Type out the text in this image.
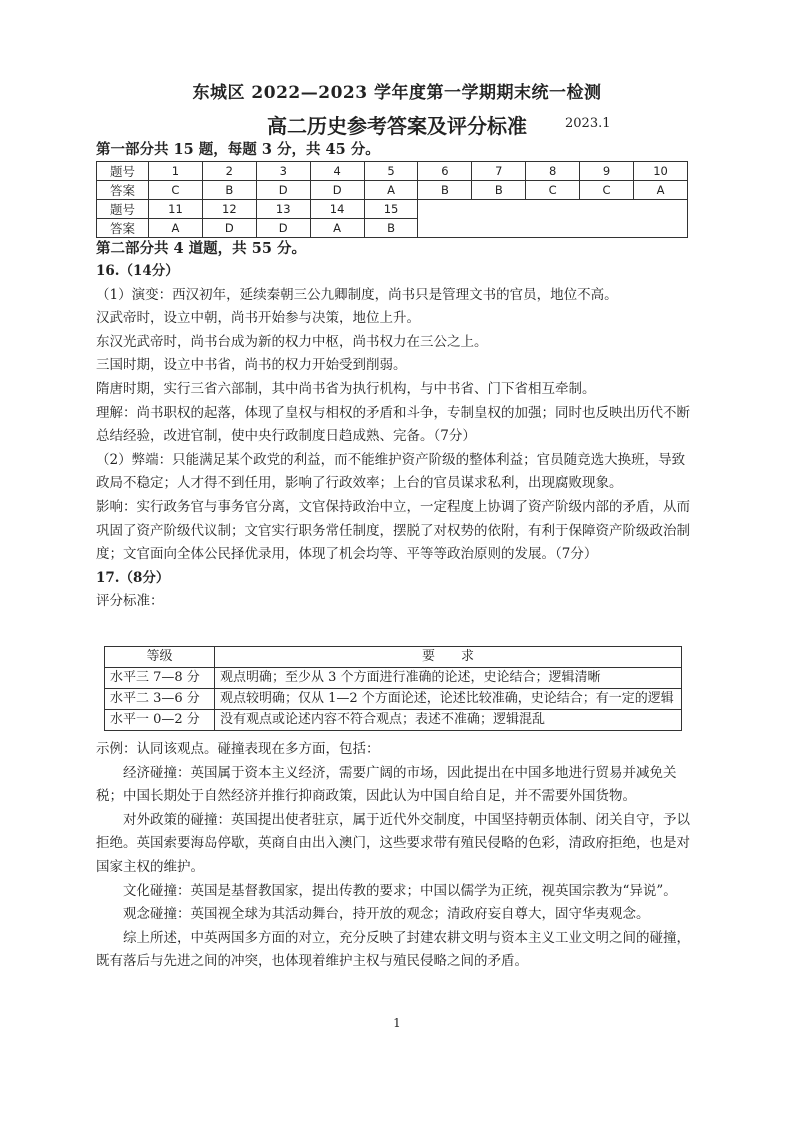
东城区 2022—2023 学年度第一学期期末统一检测
高二历史参考答案及评分标准	2023.1
第一部分共 15 题，每题 3 分，共 45 分。
题号	1	2	3	4	5	6	7	8	9	10
答案	C	B	D	D	A	B	B	C	C	A
题号	11	12	13	14	15					
答案	A	D	D	A	B					
第二部分共 4 道题，共 55 分。

16.（14分）

（1）演变：西汉初年，延续秦朝三公九卿制度，尚书只是管理文书的官员，地位不高。

汉武帝时，设立中朝，尚书开始参与决策，地位上升。

东汉光武帝时，尚书台成为新的权力中枢，尚书权力在三公之上。

三国时期，设立中书省，尚书的权力开始受到削弱。

隋唐时期，实行三省六部制，其中尚书省为执行机构，与中书省、门下省相互牵制。

理解：尚书职权的起落，体现了皇权与相权的矛盾和斗争，专制皇权的加强；同时也反映出历代不断总结经验，改进官制，使中央行政制度日趋成熟、完备。（7分）

（2）弊端：只能满足某个政党的利益，而不能维护资产阶级的整体利益；官员随竞选大换班，导致政局不稳定；人才得不到任用，影响了行政效率；上台的官员谋求私利，出现腐败现象。

影响：实行政务官与事务官分离，文官保持政治中立，一定程度上协调了资产阶级内部的矛盾，从而巩固了资产阶级代议制；文官实行职务常任制度，摆脱了对权势的依附，有利于保障资产阶级政治制度；文官面向全体公民择优录用，体现了机会均等、平等等政治原则的发展。（7分）

17.（8分）

评分标准：

等级	要　　求
水平三 7—8 分	观点明确；至少从 3 个方面进行准确的论述，史论结合；逻辑清晰
水平二 3—6 分	观点较明确；仅从 1—2 个方面论述，论述比较准确，史论结合；有一定的逻辑
水平一 0—2 分	没有观点或论述内容不符合观点；表述不准确；逻辑混乱

示例：认同该观点。碰撞表现在多方面，包括：

经济碰撞：英国属于资本主义经济，需要广阔的市场，因此提出在中国多地进行贸易并减免关税；中国长期处于自然经济并推行抑商政策，因此认为中国自给自足，并不需要外国货物。

对外政策的碰撞：英国提出使者驻京，属于近代外交制度，中国坚持朝贡体制、闭关自守，予以拒绝。英国索要海岛停歇，英商自由出入澳门，这些要求带有殖民侵略的色彩，清政府拒绝，也是对国家主权的维护。

文化碰撞：英国是基督教国家，提出传教的要求；中国以儒学为正统，视英国宗教为“异说”。

观念碰撞：英国视全球为其活动舞台，持开放的观念；清政府妄自尊大，固守华夷观念。

综上所述，中英两国多方面的对立，充分反映了封建农耕文明与资本主义工业文明之间的碰撞，既有落后与先进之间的冲突，也体现着维护主权与殖民侵略之间的矛盾。

1
